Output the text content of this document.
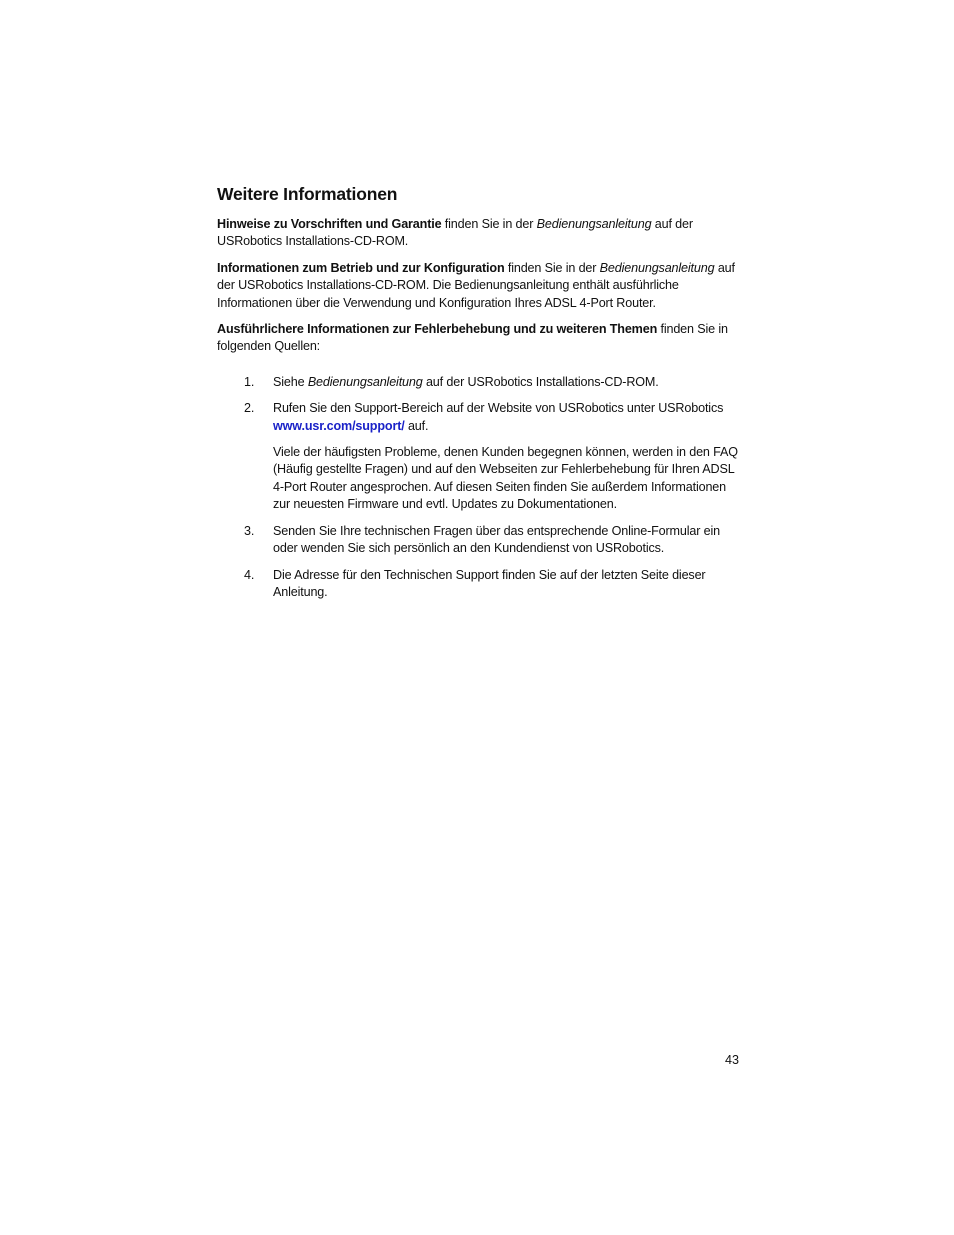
Weitere Informationen

Hinweise zu Vorschriften und Garantie finden Sie in der Bedienungsanleitung auf der USRobotics Installations-CD-ROM.

Informationen zum Betrieb und zur Konfiguration finden Sie in der Bedienungsanleitung auf der USRobotics Installations-CD-ROM. Die Bedienungsanleitung enthält ausführliche Informationen über die Verwendung und Konfiguration Ihres ADSL 4-Port Router.

Ausführlichere Informationen zur Fehlerbehebung und zu weiteren Themen finden Sie in folgenden Quellen:

1. Siehe Bedienungsanleitung auf der USRobotics Installations-CD-ROM.
2. Rufen Sie den Support-Bereich auf der Website von USRobotics unter USRobotics www.usr.com/support/ auf.

Viele der häufigsten Probleme, denen Kunden begegnen können, werden in den FAQ (Häufig gestellte Fragen) und auf den Webseiten zur Fehlerbehebung für Ihren ADSL 4-Port Router angesprochen. Auf diesen Seiten finden Sie außerdem Informationen zur neuesten Firmware und evtl. Updates zu Dokumentationen.

3. Senden Sie Ihre technischen Fragen über das entsprechende Online-Formular ein oder wenden Sie sich persönlich an den Kundendienst von USRobotics.
4. Die Adresse für den Technischen Support finden Sie auf der letzten Seite dieser Anleitung.
43
